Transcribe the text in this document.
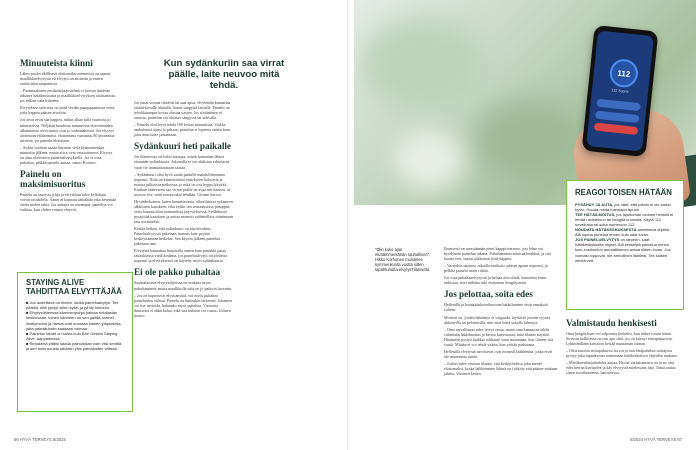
Minuuteista kiinni

Lähes puolet äkillisesti elottomiksi menneistä on saanut maallikkoelvytystä eli elvytys on aloitettu jo ennen ensihoidon saapumista.

– Parantaakseen ensihoitojärjestelmä ei korvaa rintävän aikaava hätäilmoitusta ja maallikkoelvytyksen aloittamista, jos sellien vain kykenee.

Elvytyksen tarkoitus on pitää verdän pumppaamassa verta, jotta happea pääsee aivoihin.

Jos aivot eivät saa happea, niihin alkaa tulla vaurioita jo minuuteissa. Neljässä kuudessa minuutissa elottomuuden alkamisesta aivovauriot ovat jo todennäköisiä. Jos elvytys aloitetaan välittömästi, elottomana vaarastuu 80 prosenttia aivoista, jos painelu aloitetaan.

– Sydän voidaan saada käyntiin vielä kymmenenkin minuutin jälkeen, mutta aivot ovat vaurioituneet. Elvytys on aina aloitettava painelualvytyksellä. Jos et osaa puhaltaa, pelkkä painelu auttaa, sanoo Kvitnov.

Painelu on maksimisuoritus

Painelu on tauoista tyhjä ja elvyttäjän tulee kylkikuut voivat rasahdella. Äänet ei kannata säikähtää eikä keventää otetta niiden takia. Jos auttajia on useampia, painelija voi vaihtaa, kun yhden voimat ehtyvät.

Kun sydänkuriin saa virrat päälle, laite neuvoo mitä tehdä.

Jos omat voimat riittävät tai saat apua, elvytetään kannattaa siirtää kovalle alustalle, kuten sängystä lattialle. Painelu on tehokkaampaa kovaa alustaa vasten. Jos siirtäminen ei onnistu, painelun voi aloittaa sängyssä tai sohvalla.

– Painelu olisi hyvä tehdä 100 kertaa minuutissa. Vaikka ambulanssi ajaisi jo pihaan, painelua ei lopeteta ennen kuin joku muu tulee jatkamaan.

Sydänkuuri heti paikalle

Jos tilanteessa on kaksi auttajaa, toisen kannattaa lähteä etsimään sydänkuuria. Jokaisella ei voi ahdistaa vahtelassa vuan vie ammattiauttaan saataa.

– Sydänkuuri olisi hyvä saada paikalle mahdollisimman nopeasti. Niitä on kiinteistöissä ensiohjeen kokoasia ja maissa julkisissa paikoissa, ja niitä on tosi hyppo käyttää. Kunhan laitteeseen saa virran päälle tai avaa sen kannen, se neuvoo itse, mitä seuraavaksi tehdään, Uitinen kertoo.

Hyvänkokoinen, kuten kannettavasta, aihealittavat sydämeen sähköisen kaaoksen, eikä sydän sen seurauksessa pumppaa verta kammioihin normaalissa järjestyksessä. Sydänkuuri pysäyttää kaaoksen ja auttaa monesti sydämelläsa toimimaan taas normaalisti.

Kestää hetken, että sydänkuuri on käyttövalmis. Painelualvytystä jatketaan, kunnes laite pyytää keskeyttämään hetkeksi. Sen käytön jälkeen painelua jatketaan taas.

Elvytystä kannattaa harjoitella ennen kuin paniikki paiaa rattauksessa vielä koslima, jos painelualvytys on aloitettu nopeasti ja elvytyksessä on käytetty myös sydänkuuria.

Ei ole pakko puhaltaa

Suomalaisista elvytysohjeissa on mukana myös puhaltaminen, mutta maallikolla siitä on jo paikoin luovuttu.

– Jos on hapottuvat elvyttämistä, voi myös puhaltaa paineluiden välissä. Painelu on kuitenkin tärkeintä. Jokainen voi itse arvioida, haluaako myös puhaltaa. Vieraasta ihmisestä ei ehkä halua, eikä sitä kukaan voi vaatia, Uitinen kertoo.

STAYING ALIVE TAHDITTAA ELVYTTÄJÄÄ

■ Jos auttettava on eletön, aloita painelualvytys. Tee päälitä, että pystyt sillen kyllä, ja ryhdy toimeen.

■ Elvytysottteessa kämmenpohja painaa rintalastan keskiosaan, toinen kämmen on sen päällä sormet limittymeinä ja hartiat ovat suoraan käsien yläpuolella, jotta painalluksiin saadaan voimaa.

■ Painelun tahdit on sama kuin Bee Geesin Staying Alive -kappaleessa.

■ Rintakehä pitäisi saada painumaan noin viisi senttiä ja sen tulisi nousta takaisin ylös painalusten välissä.

66 HYVÄ TERVEYS 8/2024
112
112 Suomi
”Olin koko ajan eluttämmentänän rauhallinen”, Hikko Korhonen muistelee kymmenkunta vuotta sitten tapahtunutta elvytysTilannetta.

Ilmeisesti on tuessäännän pieni kapppiivaramo, joss lehte voi hyödyntää painelun aikana. Puhaltaminen asioissa keuhkot, ja sitä kautta veri, saavat pikkuisen lisää happea.

– Varsinkin tauaaaa: aikailla ensihoito pääsee apuun nopeasti, ja pelkkä painelu usein riittää.

Jos osaa puhaltaaelvytystä ja haluaa niin tehdä, kannattaa ensin tarkistaa, ettei mikään tuki elottoman hengitysteitä.

Jos pelottaa, soita edes

Hellenillä ja leaiaaäänkoordinoivan hätätilanneet eivät ennakoiä vahene.

Monesti on, joiden hätäämyt ei vaigauda, täyttäväi jossain vyyntä uhkaavilla tai pelottavilla, niin ettei heitä uskalla lähestyä.

– Oma turvallisuus tulee tervyt ensin, mutta aina kannattaa tehdä vähintään hätäilmoitus ja kertoa kaavmosaa, mitä tilanne näyttää. Hätäaaten pystyä kaikkia rohkaasé vaan auttamaan, kun tilanne sitä vaatii. Mitään ei voi tehdä väärin, kun yrittää parhaansa.

Hellenillä elvytystä tarvitsevat ovat monesti lääkhenisä, jotka eivät ole muutamaa tunda.

– Joskus tulee vastaan tilanne, että keskijohdissa joku menee elottomaksi, koska läikkeemme lähinä on fykkitty että pääsee mukaan jahtiin, Uusinen kertoo.

REAGOI TOISEN HÄTÄÄN

PYSÄHDY JA AUTA, jos näet, että joltain ei ole kaikki hyvin. Huuda muita tulemaan apuun.

TEE HÄTÄILMOITUS, jos tajuttoman oloinen henkilö ei herää ravisteluun tai hengitä kunnolla. Käytä 112 sovellusta tai soita numeroon 112.

NOUDATA HÄTÄKESKUKSESTA annettavia ohjeita. Älä lopeta puhelua ennen kuin saat luvan.

JOS PAINELUELVYTYS on tarpeen, saat hätäkeskukselta ohjeet. Älä keskeytä painelua ennen kuin ensihoidon ammattilainen antaa siihen luvan. Jos voimasi loppuvat, ole armollinen itsellesi. Teit kaiken minkä voit.

Valmistaudu henkisesti

Oma hengityksen voi salpaansa herkeksi, kun näkee toisen hätän. Stressin hallitsessa on tosi apu siitä, jos on käynyt ensiapukurssin. Lyhimmillään kurssitus kestää muutaman tunnin.

– Olisi tasoitta ensiapukurssi tai voi ja ona hätäpuhelun soittajista pystyy joka tapauksessa toimimaan hätäkeskuksen ohjeiden mukaan.

– Mielikuvaharjoittelulla auttaa. Hyvää varaatunnissa on jo se, että edes kerran kuvittelee ja käy elvytystä mielessään läpi. Tämä auttaa sitten tositilanteessa, hän neuvoo.

8/2024 HYVÄ TERVEYS 67
